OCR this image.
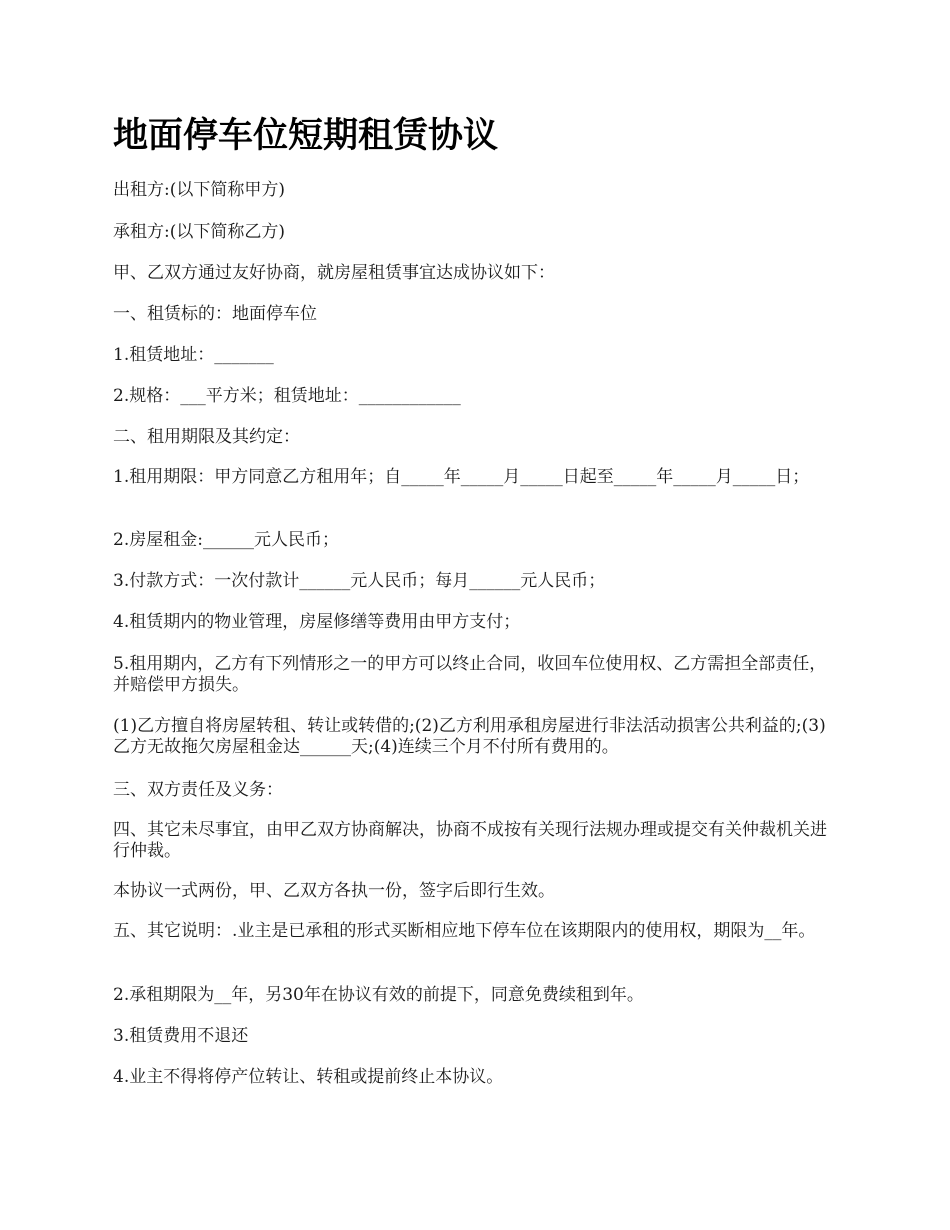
地面停车位短期租赁协议

出租方:(以下简称甲方)

承租方:(以下简称乙方)

甲、乙双方通过友好协商，就房屋租赁事宜达成协议如下：

一、租赁标的：地面停车位

1.租赁地址：_______

2.规格：___平方米；租赁地址：____________

二、租用期限及其约定：

1.租用期限：甲方同意乙方租用年；自_____年_____月_____日起至_____年_____月_____日；

2.房屋租金:______元人民币；

3.付款方式：一次付款计______元人民币；每月______元人民币；

4.租赁期内的物业管理，房屋修缮等费用由甲方支付；

5.租用期内，乙方有下列情形之一的甲方可以终止合同，收回车位使用权、乙方需担全部责任，并赔偿甲方损失。

(1)乙方擅自将房屋转租、转让或转借的;(2)乙方利用承租房屋进行非法活动损害公共利益的;(3)乙方无故拖欠房屋租金达______天;(4)连续三个月不付所有费用的。

三、双方责任及义务：

四、其它未尽事宜，由甲乙双方协商解决，协商不成按有关现行法规办理或提交有关仲裁机关进行仲裁。

本协议一式两份，甲、乙双方各执一份，签字后即行生效。

五、其它说明：.业主是已承租的形式买断相应地下停车位在该期限内的使用权，期限为__年。

2.承租期限为__年，另30年在协议有效的前提下，同意免费续租到年。

3.租赁费用不退还

4.业主不得将停产位转让、转租或提前终止本协议。
